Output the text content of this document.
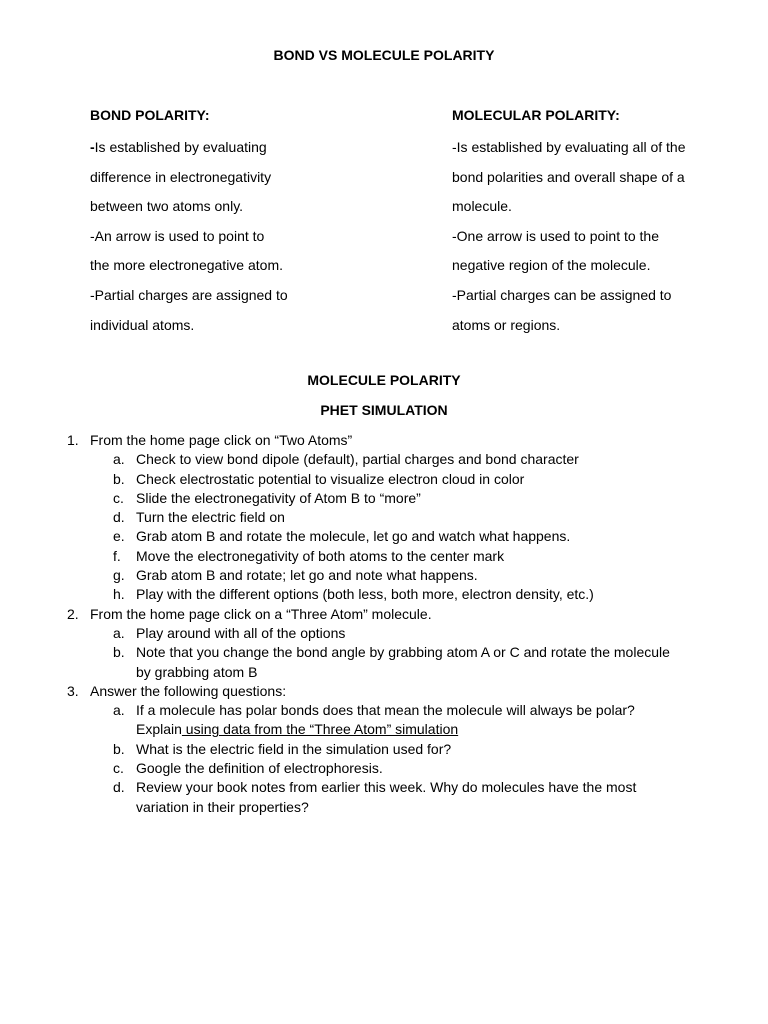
BOND VS MOLECULE POLARITY
BOND POLARITY:
-Is established by evaluating
difference in electronegativity
between two atoms only.
-An arrow is used to point to
the more electronegative atom.
-Partial charges are assigned to
individual atoms.
MOLECULAR POLARITY:
-Is established by evaluating all of the
bond polarities and overall shape of a
molecule.
-One arrow is used to point to the
negative region of the molecule.
-Partial charges can be assigned to
atoms or regions.
MOLECULE POLARITY
PHET SIMULATION
1. From the home page click on “Two Atoms”
a. Check to view bond dipole (default), partial charges and bond character
b. Check electrostatic potential to visualize electron cloud in color
c. Slide the electronegativity of Atom B to “more”
d. Turn the electric field on
e. Grab atom B and rotate the molecule, let go and watch what happens.
f. Move the electronegativity of both atoms to the center mark
g. Grab atom B and rotate; let go and note what happens.
h. Play with the different options (both less, both more, electron density, etc.)
2. From the home page click on a “Three Atom” molecule.
a. Play around with all of the options
b. Note that you change the bond angle by grabbing atom A or C and rotate the molecule
by grabbing atom B
3. Answer the following questions:
a. If a molecule has polar bonds does that mean the molecule will always be polar?
Explain using data from the “Three Atom” simulation
b. What is the electric field in the simulation used for?
c. Google the definition of electrophoresis.
d. Review your book notes from earlier this week. Why do molecules have the most
variation in their properties?
